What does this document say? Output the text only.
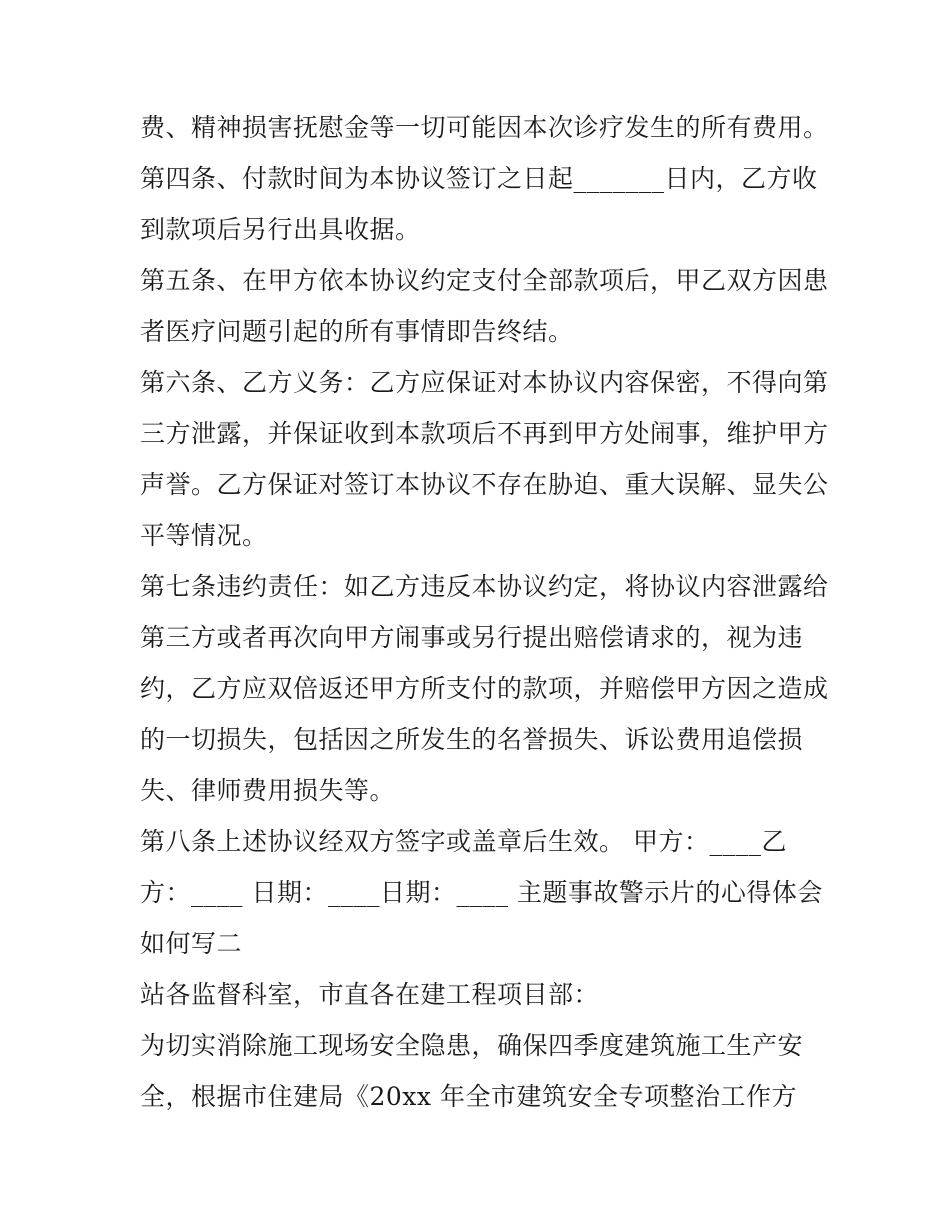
费、精神损害抚慰金等一切可能因本次诊疗发生的所有费用。
第四条、付款时间为本协议签订之日起_______日内，乙方收
到款项后另行出具收据。
第五条、在甲方依本协议约定支付全部款项后，甲乙双方因患
者医疗问题引起的所有事情即告终结。
第六条、乙方义务：乙方应保证对本协议内容保密，不得向第
三方泄露，并保证收到本款项后不再到甲方处闹事，维护甲方
声誉。乙方保证对签订本协议不存在胁迫、重大误解、显失公
平等情况。
第七条违约责任：如乙方违反本协议约定，将协议内容泄露给
第三方或者再次向甲方闹事或另行提出赔偿请求的，视为违
约，乙方应双倍返还甲方所支付的款项，并赔偿甲方因之造成
的一切损失，包括因之所发生的名誉损失、诉讼费用追偿损
失、律师费用损失等。
第八条上述协议经双方签字或盖章后生效。 甲方：____乙
方：____ 日期：____日期：____ 主题事故警示片的心得体会
如何写二
站各监督科室，市直各在建工程项目部：
为切实消除施工现场安全隐患，确保四季度建筑施工生产安
全，根据市住建局《20xx 年全市建筑安全专项整治工作方
